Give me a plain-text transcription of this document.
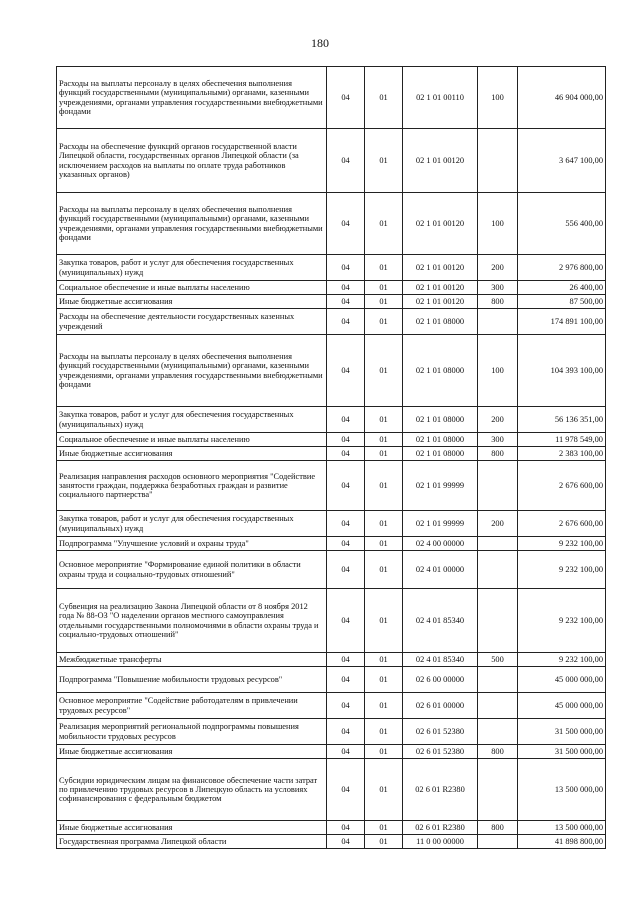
180
Расходы на выплаты персоналу в целях обеспечения выполнения функций государственными (муниципальными) органами, казенными учреждениями, органами управления государственными внебюджетными фондами	04	01	02 1 01 00110	100	46 904 000,00
Расходы на обеспечение функций органов государственной власти Липецкой области, государственных органов Липецкой области (за исключением расходов на выплаты по оплате труда работников указанных органов)	04	01	02 1 01 00120		3 647 100,00
Расходы на выплаты персоналу в целях обеспечения выполнения функций государственными (муниципальными) органами, казенными учреждениями, органами управления государственными внебюджетными фондами	04	01	02 1 01 00120	100	556 400,00
Закупка товаров, работ и услуг для обеспечения государственных (муниципальных) нужд	04	01	02 1 01 00120	200	2 976 800,00
Социальное обеспечение и иные выплаты населению	04	01	02 1 01 00120	300	26 400,00
Иные бюджетные ассигнования	04	01	02 1 01 00120	800	87 500,00
Расходы на обеспечение деятельности государственных казенных учреждений	04	01	02 1 01 08000		174 891 100,00
Расходы на выплаты персоналу в целях обеспечения выполнения функций государственными (муниципальными) органами, казенными учреждениями, органами управления государственными внебюджетными фондами	04	01	02 1 01 08000	100	104 393 100,00
Закупка товаров, работ и услуг для обеспечения государственных (муниципальных) нужд	04	01	02 1 01 08000	200	56 136 351,00
Социальное обеспечение и иные выплаты населению	04	01	02 1 01 08000	300	11 978 549,00
Иные бюджетные ассигнования	04	01	02 1 01 08000	800	2 383 100,00
Реализация направления расходов основного мероприятия "Содействие занятости граждан, поддержка безработных граждан и развитие социального партнерства"	04	01	02 1 01 99999		2 676 600,00
Закупка товаров, работ и услуг для обеспечения государственных (муниципальных) нужд	04	01	02 1 01 99999	200	2 676 600,00
Подпрограмма "Улучшение условий и охраны труда"	04	01	02 4 00 00000		9 232 100,00
Основное мероприятие "Формирование единой политики в области охраны труда и социально-трудовых отношений"	04	01	02 4 01 00000		9 232 100,00
Субвенция на реализацию Закона Липецкой области от 8 ноября 2012 года № 88-ОЗ "О наделении органов местного самоуправления отдельными государственными полномочиями в области охраны труда и социально-трудовых отношений"	04	01	02 4 01 85340		9 232 100,00
Межбюджетные трансферты	04	01	02 4 01 85340	500	9 232 100,00
Подпрограмма "Повышение мобильности трудовых ресурсов"	04	01	02 6 00 00000		45 000 000,00
Основное мероприятие "Содействие работодателям в привлечении трудовых ресурсов"	04	01	02 6 01 00000		45 000 000,00
Реализация мероприятий региональной подпрограммы повышения мобильности трудовых ресурсов	04	01	02 6 01 52380		31 500 000,00
Иные бюджетные ассигнования	04	01	02 6 01 52380	800	31 500 000,00
Субсидии юридическим лицам на финансовое обеспечение части затрат по привлечению трудовых ресурсов в Липецкую область на условиях софинансирования с федеральным бюджетом	04	01	02 6 01 R2380		13 500 000,00
Иные бюджетные ассигнования	04	01	02 6 01 R2380	800	13 500 000,00
Государственная программа Липецкой области	04	01	11 0 00 00000		41 898 800,00
